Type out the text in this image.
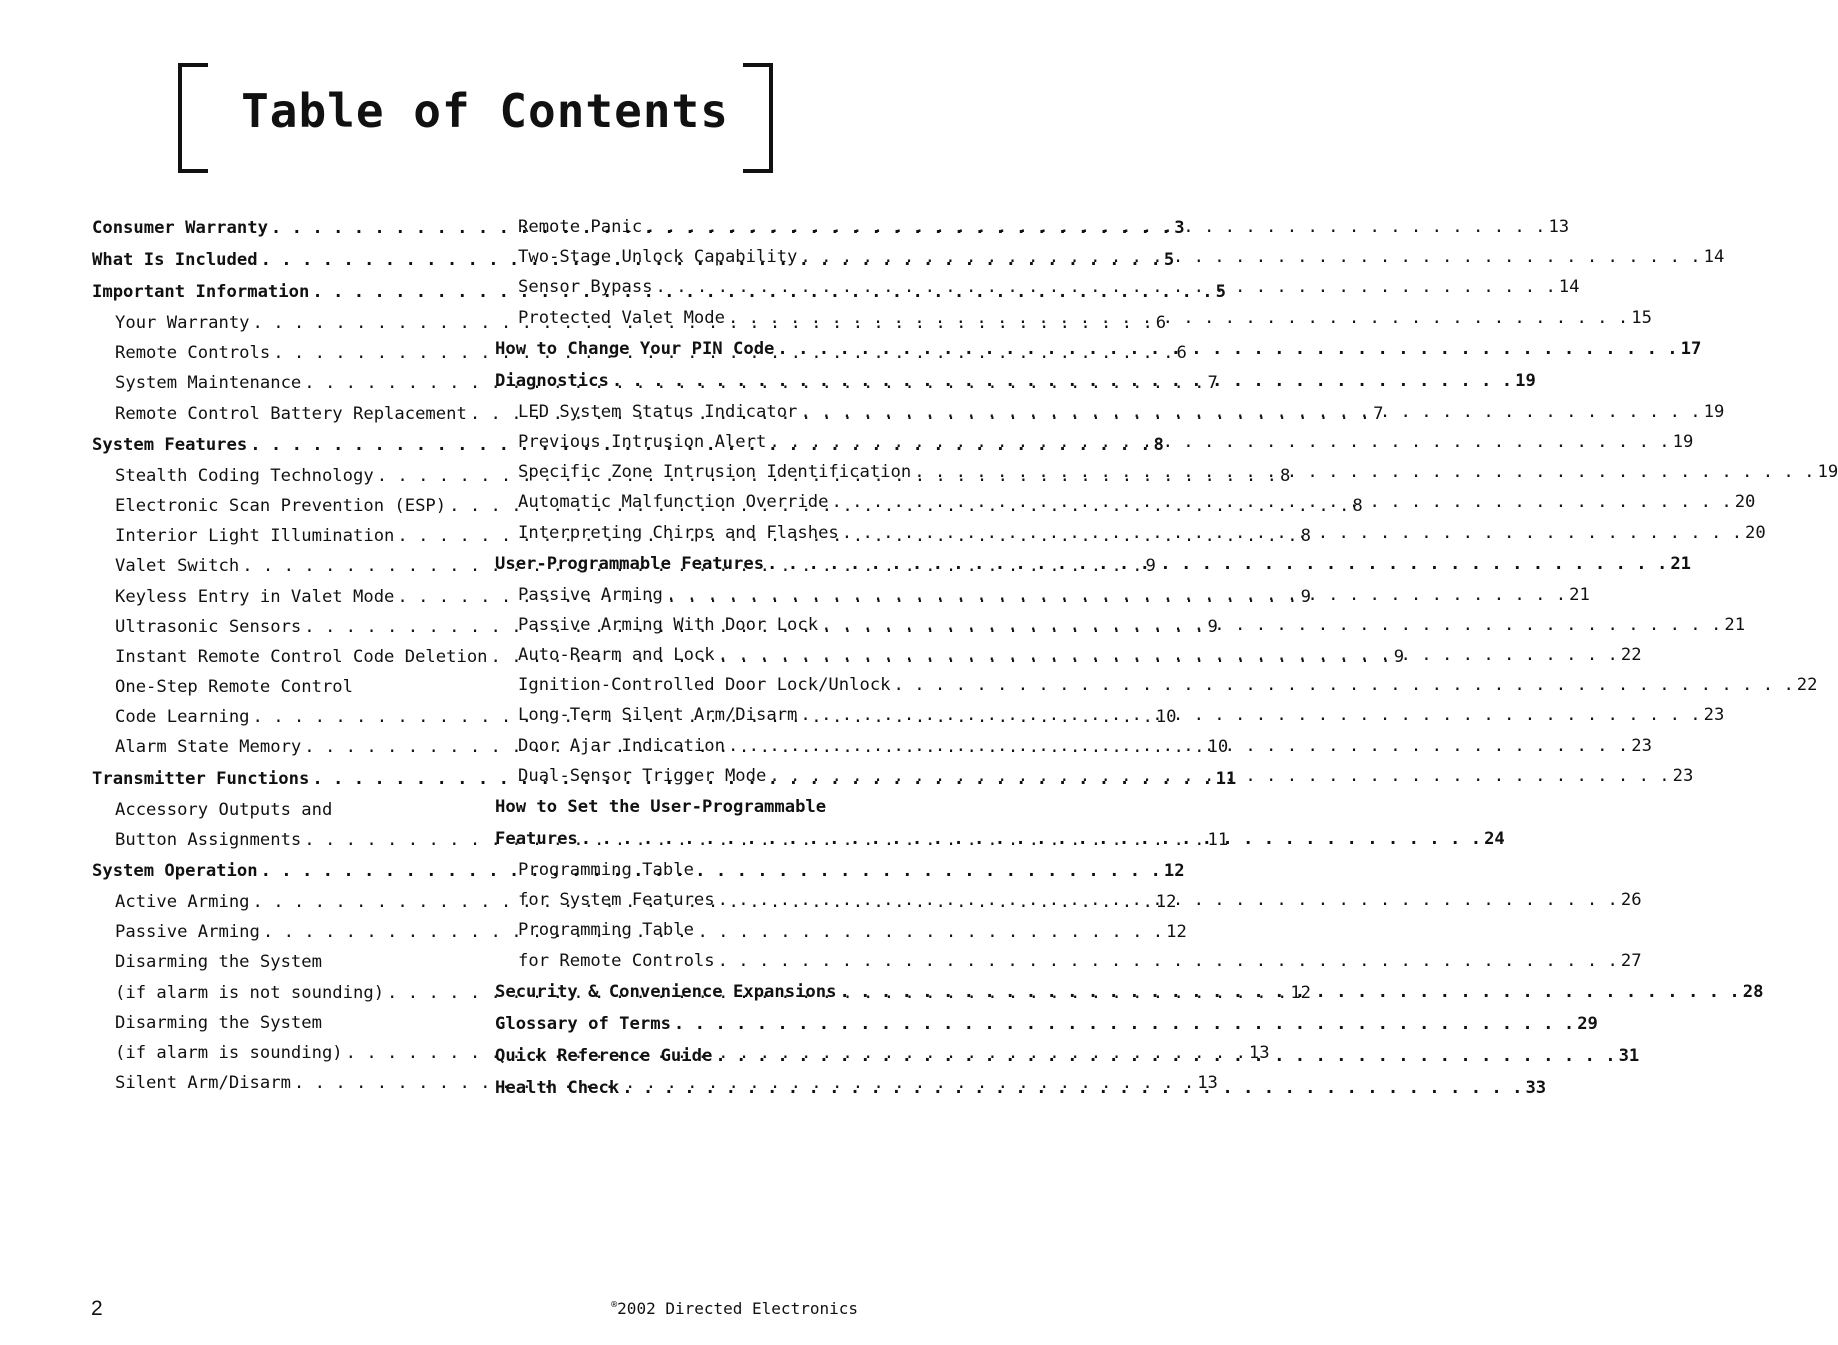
Table of Contents
Consumer Warranty . . .	3
What Is Included . . .	5
Important Information . . .	5
Your Warranty . . .	6
Remote Controls . . .	6
System Maintenance . . .	7
Remote Control Battery Replacement . . .	7
System Features . . .	8
Stealth Coding Technology . . .	8
Electronic Scan Prevention (ESP) . . .	8
Interior Light Illumination . . .	8
Valet Switch . . .	9
Keyless Entry in Valet Mode . . .	9
Ultrasonic Sensors . . .	9
Instant Remote Control Code Deletion . . .	9
One-Step Remote Control
Code Learning . . .	10
Alarm State Memory . . .	10
Transmitter Functions . . .	11
Accessory Outputs and
Button Assignments . . .	11
System Operation . . .	12
Active Arming . . .	12
Passive Arming . . .	12
Disarming the System
(if alarm is not sounding) . . .	12
Disarming the System
(if alarm is sounding) . . .	13
Silent Arm/Disarm . . .	13
Remote Panic . . .	13
Two-Stage Unlock Capability . . .	14
Sensor Bypass . . .	14
Protected Valet Mode . . .	15
How to Change Your PIN Code . . .	17
Diagnostics . . .	19
LED System Status Indicator . . .	19
Previous Intrusion Alert . . .	19
Specific Zone Intrusion Identification . . .	19
Automatic Malfunction Override . . .	20
Interpreting Chirps and Flashes . . .	20
User-Programmable Features . . .	21
Passive Arming . . .	21
Passive Arming With Door Lock . . .	21
Auto-Rearm and Lock . . .	22
Ignition-Controlled Door Lock/Unlock . . .	22
Long-Term Silent Arm/Disarm . . .	23
Door Ajar Indication . . .	23
Dual-Sensor Trigger Mode . . .	23
How to Set the User-Programmable
Features . . .	24
Programming Table
for System Features . . .	26
Programming Table
for Remote Controls . . .	27
Security & Convenience Expansions . . .	28
Glossary of Terms . . .	29
Quick Reference Guide . . .	31
Health Check . . .	33
2	®2002 Directed Electronics
